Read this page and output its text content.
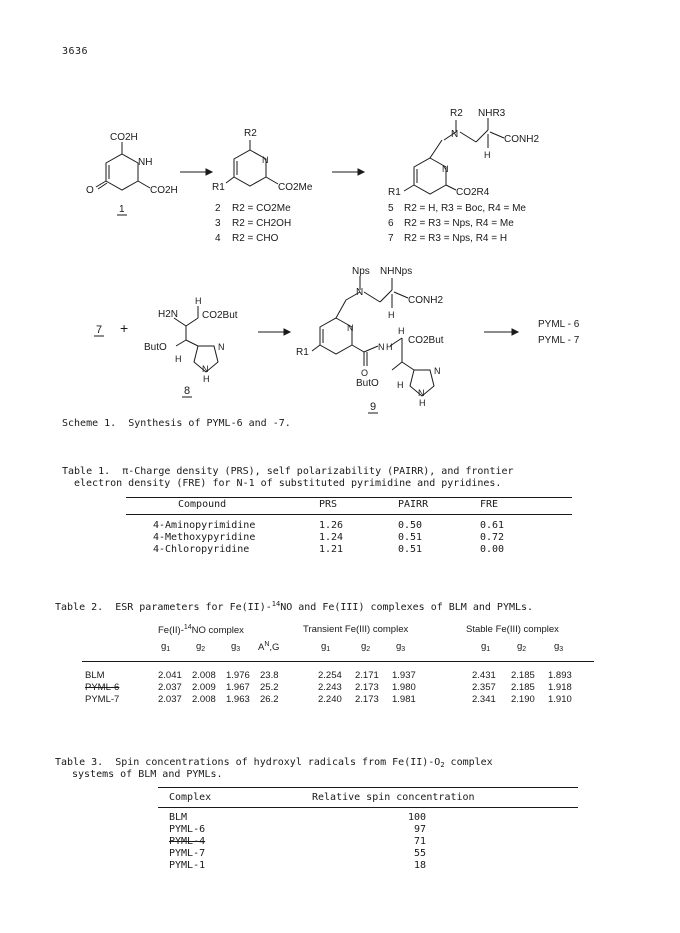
3636
CO2H
NH
O	CO2H
1
R2
N
R1	CO2Me
2 R2 = CO2Me
3 R2 = CH2OH
4 R2 = CHO
R2 NHR3
N	CONH2
H
N
R1	CO2R4
5 R2 = H, R3 = Boc, R4 = Me
6 R2 = R3 = Nps, R4 = Me
7 R2 = R3 = Nps, R4 = H
7 +
H2N
H
CO2But
ButO
H
N
N
H
8
Nps NHNps
N
CONH2
H
N
R1	N H
H
CO2But
O
ButO H
N
N
H
9
PYML - 6
PYML - 7
Scheme 1.  Synthesis of PYML-6 and -7.
Table 1.  π-Charge density (PRS), self polarizability (PAIRR), and frontier
electron density (FRE) for N-1 of substituted pyrimidine and pyridines.
Compound	PRS	PAIRR	FRE
4-Aminopyrimidine	1.26	0.50	0.61
4-Methoxypyridine	1.24	0.51	0.72
4-Chloropyridine	1.21	0.51	0.00
Table 2.  ESR parameters for Fe(II)-$^{14}$NO and Fe(III) complexes of BLM and PYMLs.
Fe(II)-$^{14}$NO complex	Transient Fe(III) complex	Stable Fe(III) complex
$g_1$	$g_2$	$g_3$ $A^N,G$	$g_1$	$g_2$	$g_3$	$g_1$	$g_2$	$g_3$
BLM	2.041 2.008 1.976 23.8	2.254 2.171 1.937	2.431 2.185 1.893
PYML-6	2.037 2.009 1.967 25.2	2.243 2.173 1.980	2.357 2.185 1.918
PYML-7	2.037 2.008 1.963 26.2	2.240 2.173 1.981	2.341 2.190 1.910
Table 3.  Spin concentrations of hydroxyl radicals from $Fe(II)-O_2$ complex
systems of BLM and PYMLs.
Complex	Relative spin concentration
BLM	100
PYML-6	97
PYML-4	71
PYML-7	55
PYML-1	18
